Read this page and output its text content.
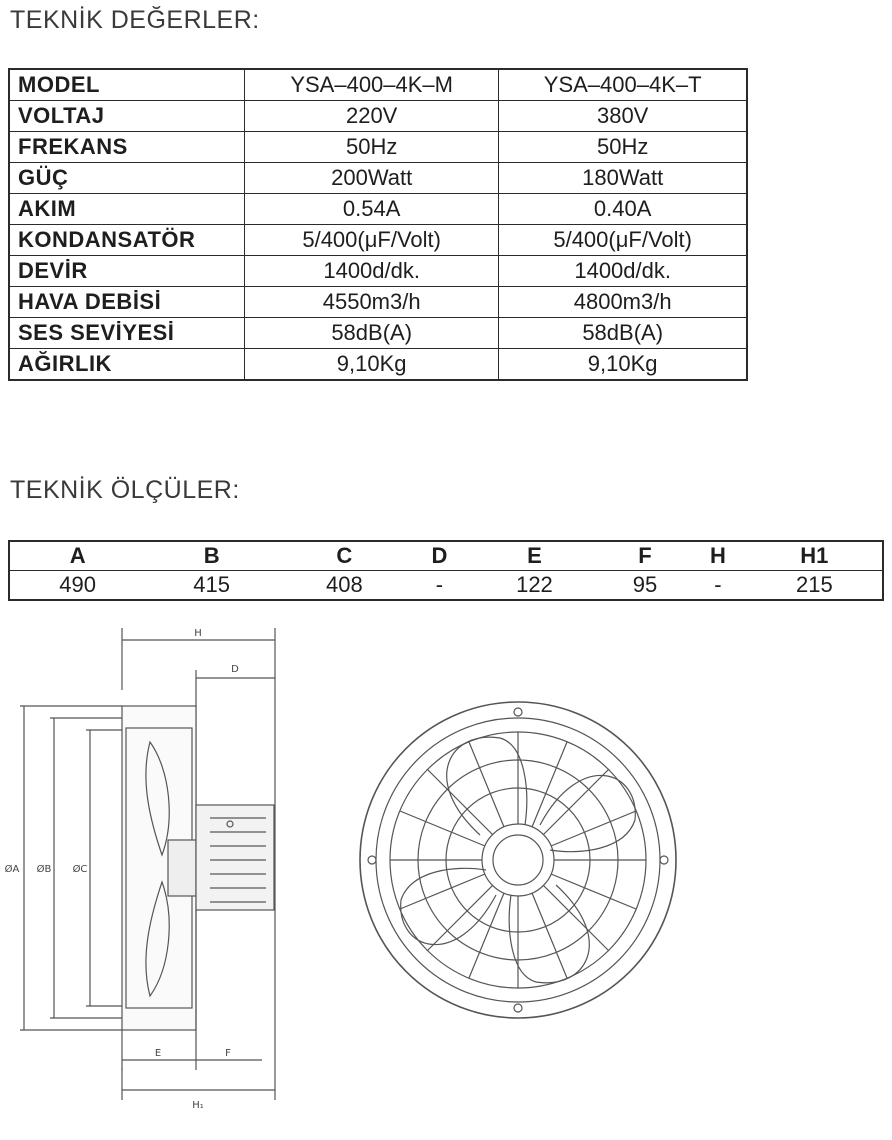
TEKNİK DEĞERLER:
MODEL	YSA–400–4K–M	YSA–400–4K–T
VOLTAJ	220V	380V
FREKANS	50Hz	50Hz
GÜÇ	200Watt	180Watt
AKIM	0.54A	0.40A
KONDANSATÖR	5/400(μF/Volt)	5/400(μF/Volt)
DEVİR	1400d/dk.	1400d/dk.
HAVA DEBİSİ	4550m3/h	4800m3/h
SES SEVİYESİ	58dB(A)	58dB(A)
AĞIRLIK	9,10Kg	9,10Kg
TEKNİK ÖLÇÜLER:
A	B	C	D	E	F	H	H1
490	415	408	-	122	95	-	215
H
D
ØA ØB ØC
E	F
H₁
